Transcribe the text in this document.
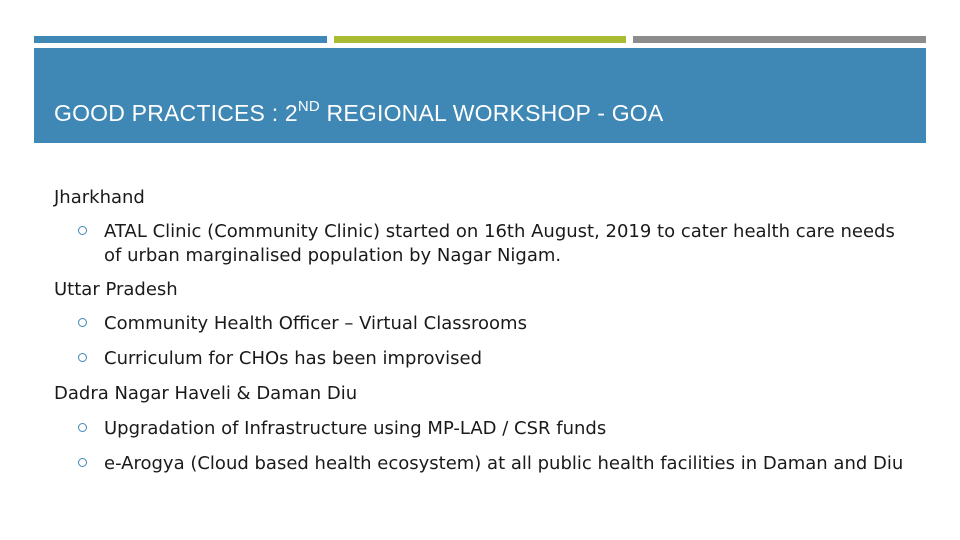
GOOD PRACTICES : 2ND REGIONAL WORKSHOP - GOA
Jharkhand
ATAL Clinic (Community Clinic) started on 16th August, 2019 to cater health care needs of urban marginalised population by Nagar Nigam.
Uttar Pradesh
Community Health Officer – Virtual Classrooms
Curriculum for CHOs has been improvised
Dadra Nagar Haveli & Daman Diu
Upgradation of Infrastructure using MP-LAD / CSR funds
e-Arogya (Cloud based health ecosystem) at all public health facilities in Daman and Diu
